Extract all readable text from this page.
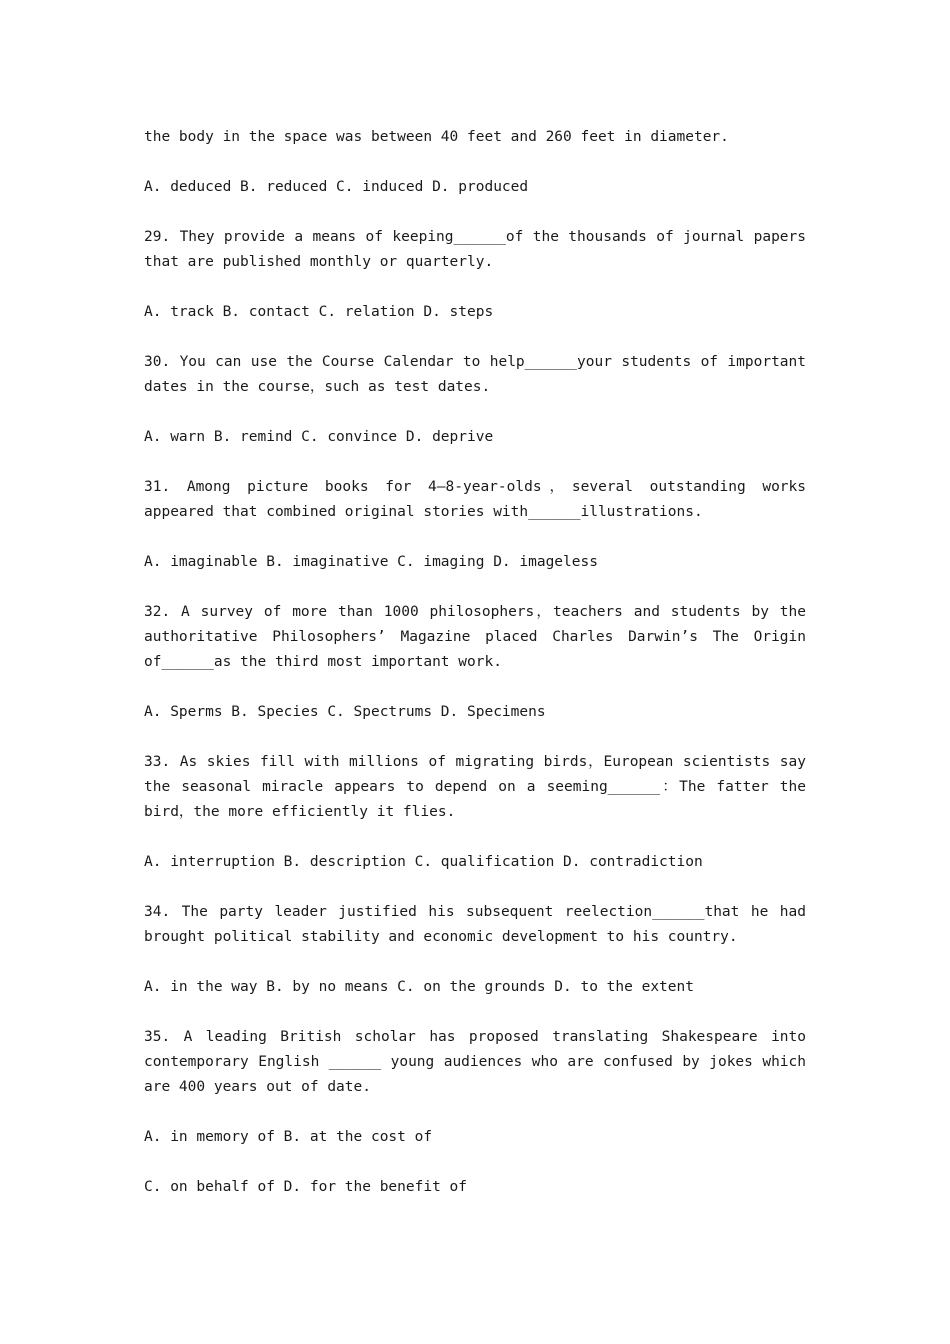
the body in the space was between 40 feet and 260 feet in diameter.

A. deduced B. reduced C. induced D. produced

29. They provide a means of keeping______of the thousands of journal papers that are published monthly or quarterly.

A. track B. contact C. relation D. steps

30. You can use the Course Calendar to help______your students of important dates in the course，such as test dates.

A. warn B. remind C. convince D. deprive

31. Among picture books for 4—8-year-olds，several outstanding works appeared that combined original stories with______illustrations.

A. imaginable B. imaginative C. imaging D. imageless

32. A survey of more than 1000 philosophers，teachers and students by the authoritative Philosophers’ Magazine placed Charles Darwin’s The Origin of______as the third most important work.

A. Sperms B. Species C. Spectrums D. Specimens

33. As skies fill with millions of migrating birds，European scientists say the seasonal miracle appears to depend on a seeming______：The fatter the bird，the more efficiently it flies.

A. interruption B. description C. qualification D. contradiction

34. The party leader justified his subsequent reelection______that he had brought political stability and economic development to his country.

A. in the way B. by no means C. on the grounds D. to the extent

35. A leading British scholar has proposed translating Shakespeare into contemporary English ______ young audiences who are confused by jokes which are 400 years out of date.

A. in memory of B. at the cost of

C. on behalf of D. for the benefit of
